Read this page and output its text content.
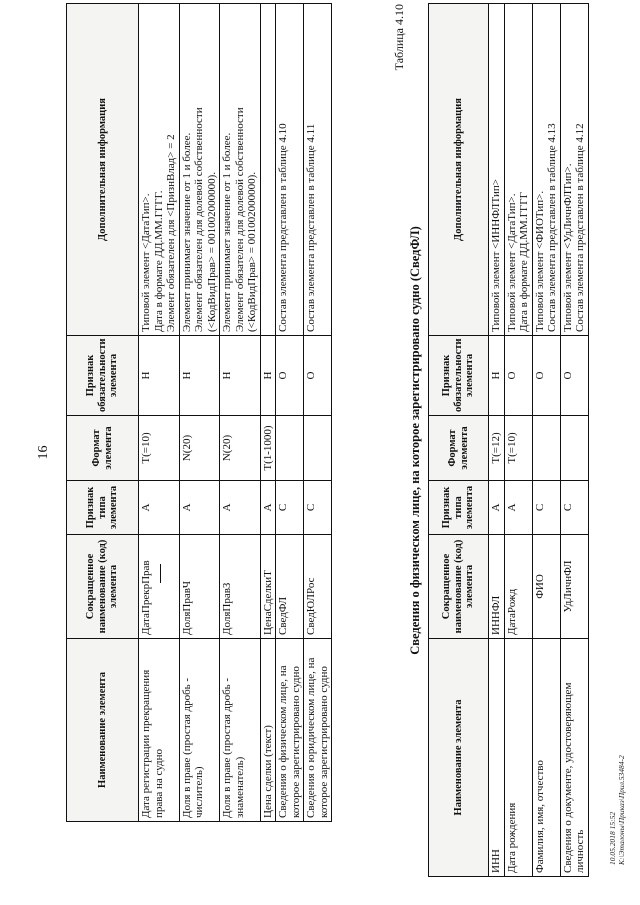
16
Наименование элемента	Сокращенное наименование (код) элемента	Признак типа элемента	Формат элемента	Признак обязательности элемента	Дополнительная информация
Дата регистрации прекращения права на судно	ДатаПрекрПрав	А	T(=10)	Н	Типовой элемент <ДатаТип>.
Дата в формате ДД.ММ.ГГГГ.
Элемент обязателен для <ПризнВлад> = 2
Доля в праве (простая дробь - числитель)	ДоляПравЧ	А	N(20)	Н	Элемент принимает значение от 1 и более.
Элемент обязателен для долевой собственности
(<КодВидПрав> = 001002000000).
Доля в праве (простая дробь - знаменатель)	ДоляПравЗ	А	N(20)	Н	Элемент принимает значение от 1 и более.
Элемент обязателен для долевой собственности
(<КодВидПрав> = 001002000000).
Цена сделки (текст)	ЦенаСделкиТ	А	T(1-1000)	Н	
Сведения о физическом лице, на которое зарегистрировано судно	СведФЛ	С		О	Состав элемента представлен в таблице 4.10
Сведения о юридическом лице, на которое зарегистрировано судно	СведЮЛРос	С		О	Состав элемента представлен в таблице 4.11
Таблица 4.10
Сведения о физическом лице, на которое зарегистрировано судно (СведФЛ)
Наименование элемента	Сокращенное наименование (код) элемента	Признак типа элемента	Формат элемента	Признак обязательности элемента	Дополнительная информация
ИНН	ИННФЛ	А	T(=12)	Н	Типовой элемент <ИННФЛТип>
Дата рождения	ДатаРожд	А	T(=10)	О	Типовой элемент <ДатаТип>.
Дата в формате ДД.ММ.ГГГГ
Фамилия, имя, отчество	ФИО	С		О	Типовой элемент <ФИОТип>.
Состав элемента представлен в таблице 4.13
Сведения о документе, удостоверяющем личность	УдЛичнФЛ	С		О	Типовой элемент <УдЛичнФЛТип>.
Состав элемента представлен в таблице 4.12
10.05.2018 15:52 К:\Эталоны\Приказ\Прил.53484-2
